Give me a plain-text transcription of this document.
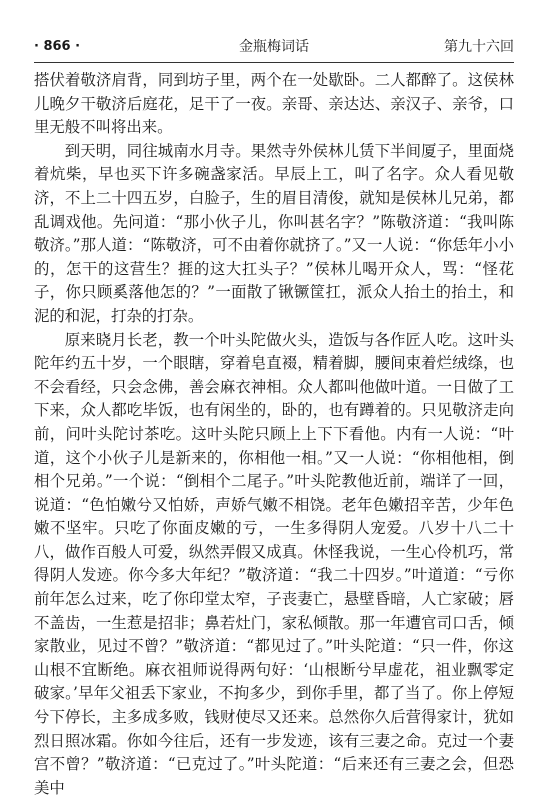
· 866 ·	金瓶梅词话	第九十六回

搭伏着敬济肩背，同到坊子里，两个在一处歇卧。二人都醉了。这侯林儿晚夕干敬济后庭花，足干了一夜。亲哥、亲达达、亲汉子、亲爷，口里无般不叫将出来。

到天明，同往城南水月寺。果然寺外侯林儿赁下半间厦子，里面烧着炕柴，早也买下许多碗盏家活。早辰上工，叫了名字。众人看见敬济，不上二十四五岁，白脸子，生的眉目清俊，就知是侯林儿兄弟，都乱调戏他。先问道：“那小伙子儿，你叫甚名字？”陈敬济道：“我叫陈敬济。”那人道：“陈敬济，可不由着你就挤了。”又一人说：“你恁年小小的，怎干的这营生？捱的这大扛头子？”侯林儿喝开众人，骂：“怪花子，你只顾奚落他怎的？”一面散了锹镢筐扛，派众人抬土的抬土，和泥的和泥，打杂的打杂。

原来晓月长老，教一个叶头陀做火头，造饭与各作匠人吃。这叶头陀年约五十岁，一个眼瞎，穿着皂直裰，精着脚，腰间束着烂绒绦，也不会看经，只会念佛，善会麻衣神相。众人都叫他做叶道。一日做了工下来，众人都吃毕饭，也有闲坐的，卧的，也有蹲着的。只见敬济走向前，问叶头陀讨茶吃。这叶头陀只顾上上下下看他。内有一人说：“叶道，这个小伙子儿是新来的，你相他一相。”又一人说：“你相他相，倒相个兄弟。”一个说：“倒相个二尾子。”叶头陀教他近前，端详了一回，说道：“色怕嫩兮又怕娇，声娇气嫩不相饶。老年色嫩招辛苦，少年色嫩不坚牢。只吃了你面皮嫩的亏，一生多得阴人宠爱。八岁十八二十八，做作百般人可爱，纵然弄假又成真。休怪我说，一生心伶机巧，常得阴人发迹。你今多大年纪？”敬济道：“我二十四岁。”叶道道：“亏你前年怎么过来，吃了你印堂太窄，子丧妻亡，悬壁昏暗，人亡家破；唇不盖齿，一生惹是招非；鼻若灶门，家私倾散。那一年遭官司口舌，倾家散业，见过不曾？”敬济道：“都见过了。”叶头陀道：“只一件，你这山根不宜断绝。麻衣祖师说得两句好：‘山根断兮早虚花，祖业飘零定破家。’早年父祖丢下家业，不拘多少，到你手里，都了当了。你上停短兮下停长，主多成多败，钱财使尽又还来。总然你久后营得家计，犹如烈日照冰霜。你如今往后，还有一步发迹，该有三妻之命。克过一个妻宫不曾？”敬济道：“已克过了。”叶头陀道：“后来还有三妻之会，但恐美中
